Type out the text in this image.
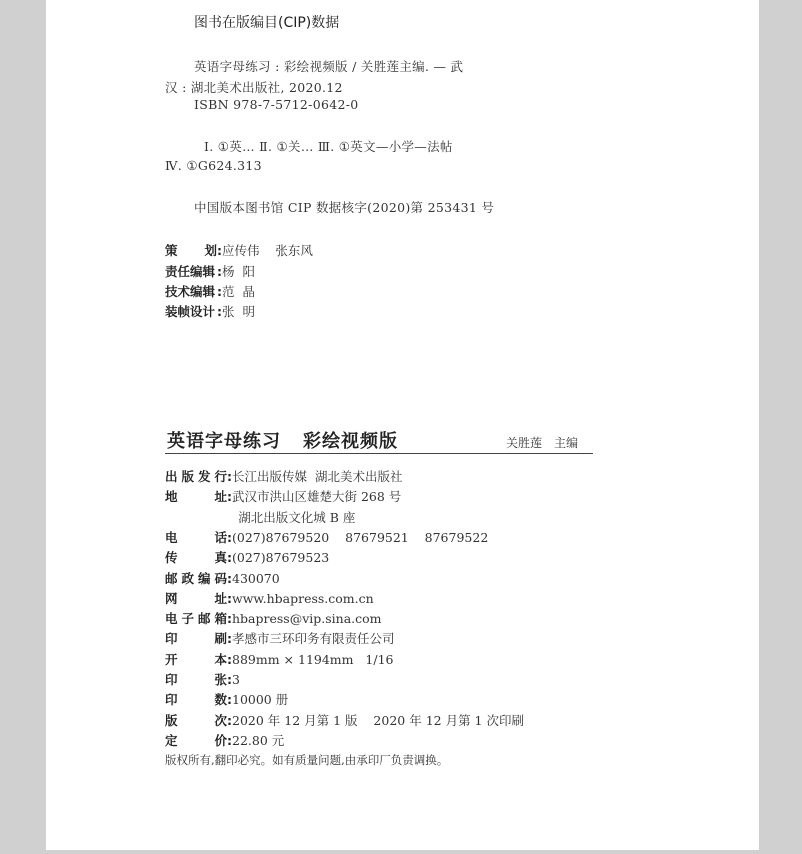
图书在版编目(CIP)数据
英语字母练习 : 彩绘视频版 / 关胜莲主编. — 武
汉 : 湖北美术出版社, 2020.12
ISBN 978-7-5712-0642-0
Ⅰ. ①英… Ⅱ. ①关… Ⅲ. ①英文—小学—法帖
Ⅳ. ①G624.313
中国版本图书馆 CIP 数据核字(2020)第 253431 号
策 划 : 应传伟    张东风
责任编辑 : 杨  阳
技术编辑 : 范  晶
装帧设计 : 张  明
英语字母练习 彩绘视频版	关胜莲 主编
出 版 发 行 : 长江出版传媒  湖北美术出版社
地	址 : 武汉市洪山区雄楚大街 268 号
湖北出版文化城 B 座
电	话 : (027)87679520    87679521    87679522
传	真 : (027)87679523
邮 政 编 码 : 430070
网	址 : www.hbapress.com.cn
电 子 邮 箱 : hbapress@vip.sina.com
印	刷 : 孝感市三环印务有限责任公司
开	本 : 889mm × 1194mm   1/16
印	张 : 3
印	数 : 10000 册
版	次 : 2020 年 12 月第 1 版    2020 年 12 月第 1 次印刷
定	价 : 22.80 元
版权所有,翻印必究。如有质量问题,由承印厂负责调换。
